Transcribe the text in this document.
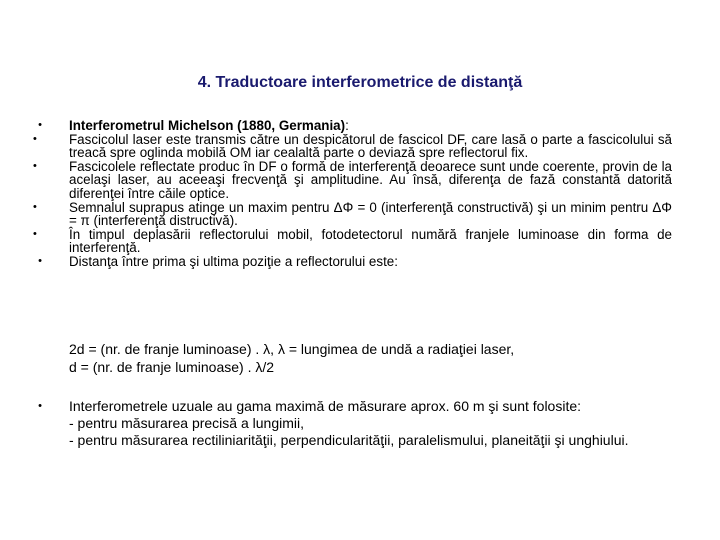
4. Traductoare interferometrice de distanţă
•	Interferometrul Michelson (1880, Germania):
•	Fascicolul laser este transmis către un despicătorul de fascicol DF, care lasă o parte a fascicolului să treacă spre oglinda mobilă OM iar cealaltă parte o deviază spre reflectorul fix.
•	Fascicolele reflectate produc în DF o formă de interferenţă deoarece sunt unde coerente, provin de la acelaşi laser, au aceeaşi frecvenţă şi amplitudine. Au însă, diferenţa de fază constantă datorită diferenţei între căile optice.
•	Semnalul suprapus atinge un maxim pentru ΔΦ = 0 (interferenţă constructivă) şi un minim pentru ΔΦ = π (interferenţă distructivă).
•	În timpul deplasării reflectorului mobil, fotodetectorul numără franjele luminoase din forma de interferenţă.
•	Distanţa între prima şi ultima poziţie a reflectorului este:
2d = (nr. de franje luminoase) . λ, λ = lungimea de undă a radiaţiei laser,
d = (nr. de franje luminoase) . λ/2
•	Interferometrele uzuale au gama maximă de măsurare aprox. 60 m şi sunt folosite:
- pentru măsurarea precisă a lungimii,
- pentru măsurarea rectiliniarităţii, perpendicularităţii, paralelismului, planeităţii şi unghiului.
